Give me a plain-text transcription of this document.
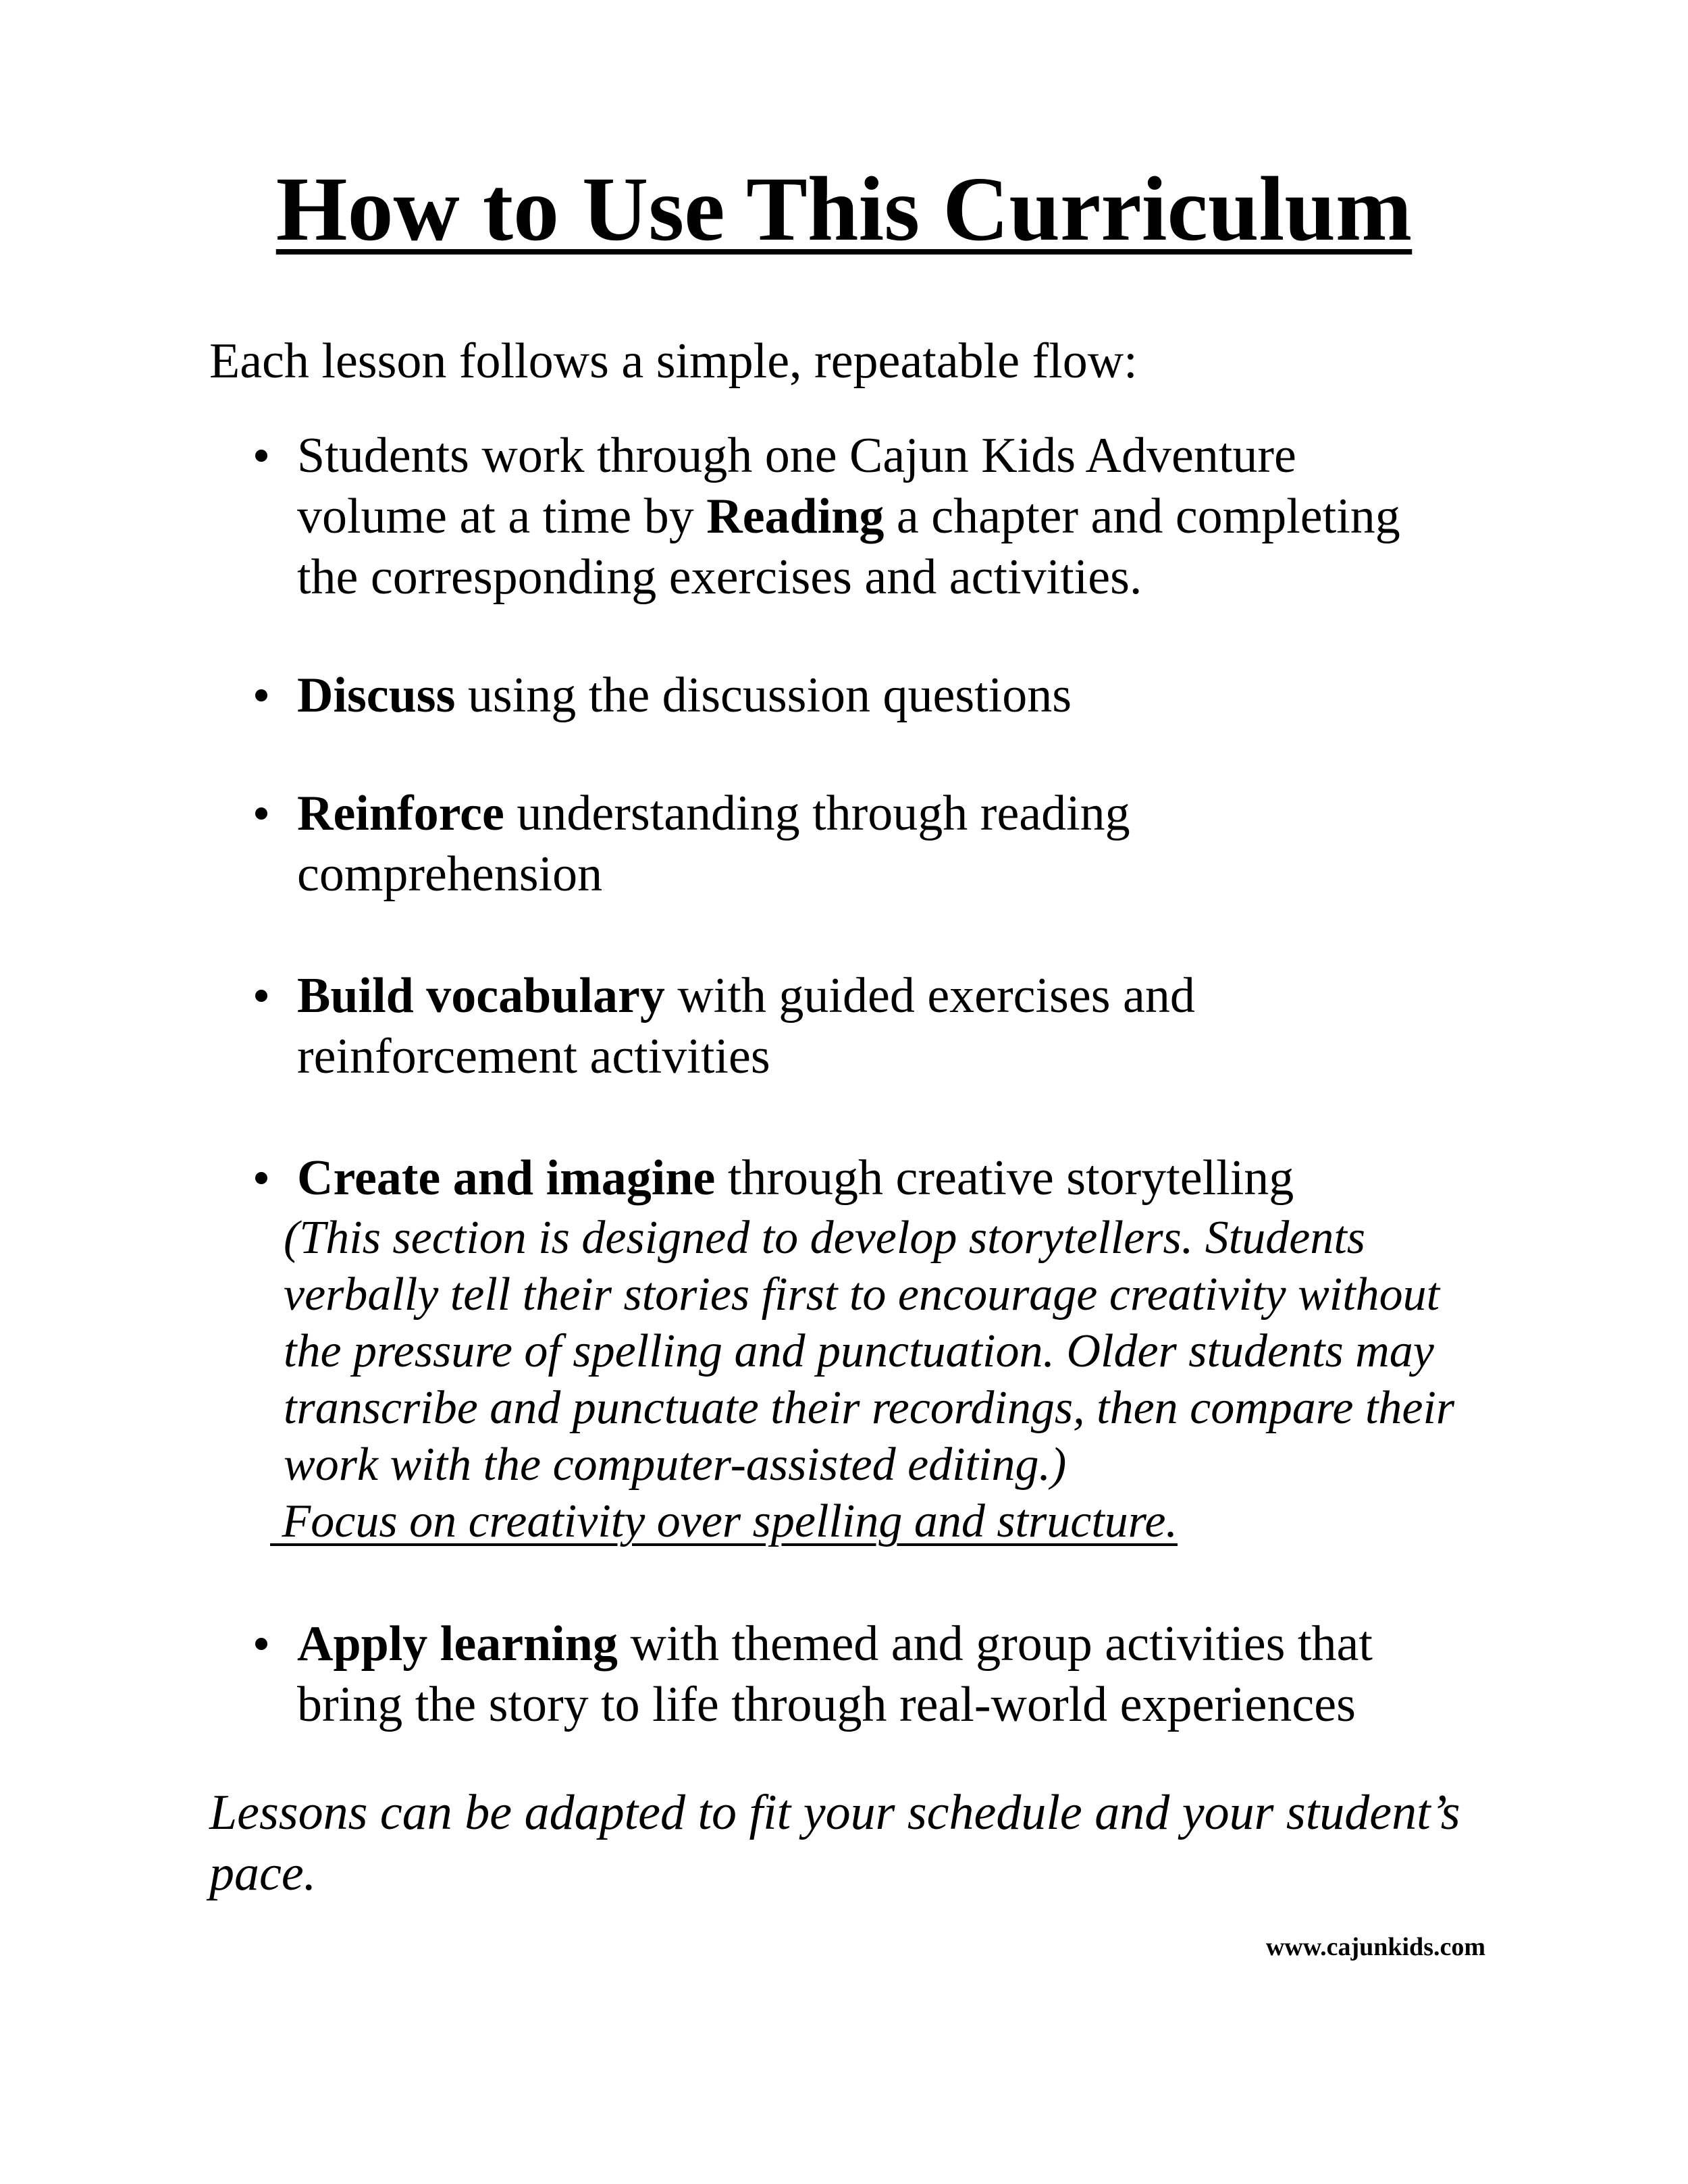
How to Use This Curriculum

Each lesson follows a simple, repeatable flow:

Students work through one Cajun Kids Adventure
volume at a time by Reading a chapter and completing
the corresponding exercises and activities.
Discuss using the discussion questions
Reinforce understanding through reading
comprehension
Build vocabulary with guided exercises and
reinforcement activities
Create and imagine through creative storytelling
Apply learning with themed and group activities that
bring the story to life through real-world experiences

(This section is designed to develop storytellers. Students

verbally tell their stories first to encourage creativity without

the pressure of spelling and punctuation. Older students may

transcribe and punctuate their recordings, then compare their

work with the computer-assisted editing.)

Focus on creativity over spelling and structure.

Lessons can be adapted to fit your schedule and your student’s

pace.

www.cajunkids.com
